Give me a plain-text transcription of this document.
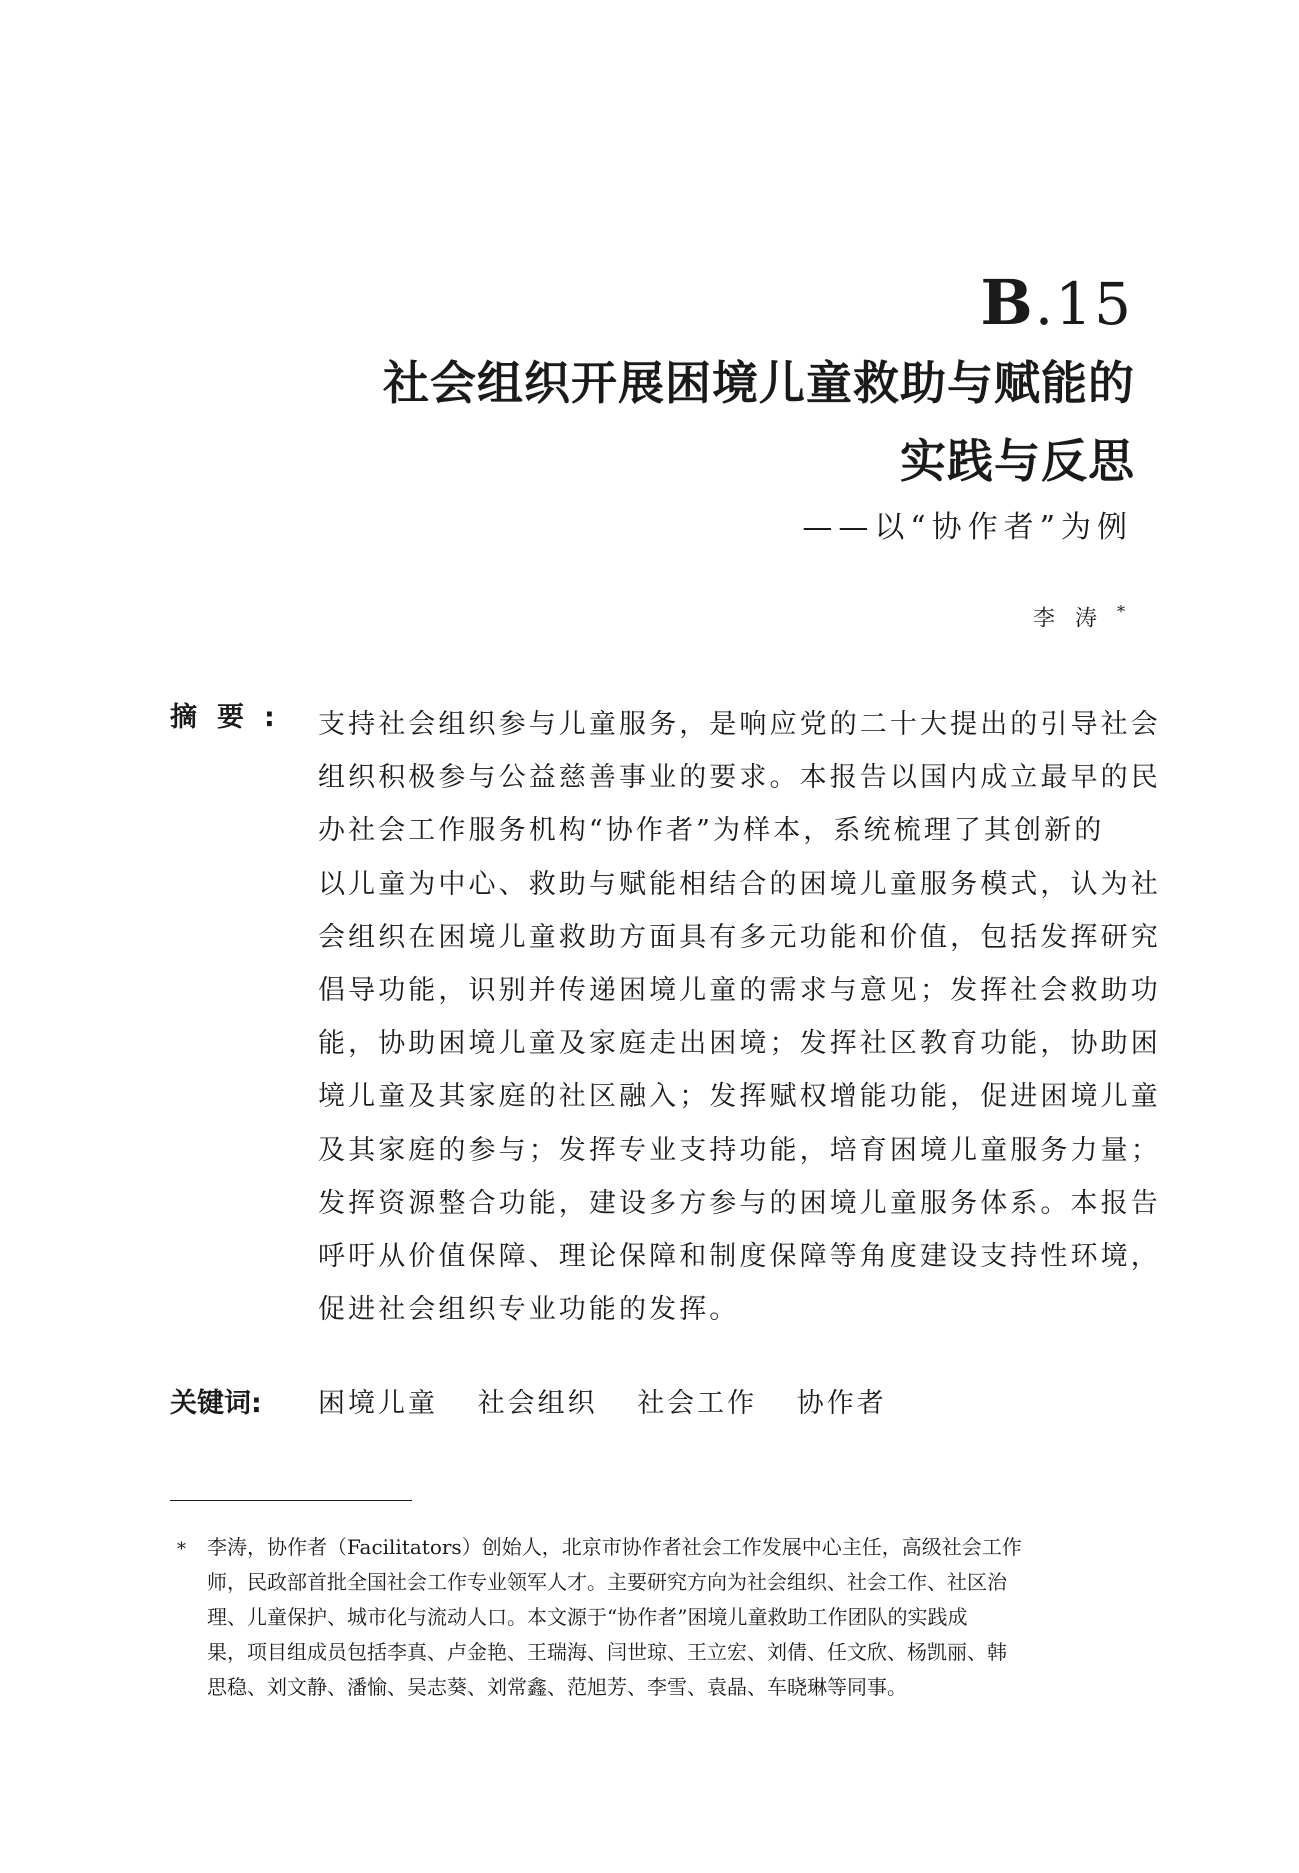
B.15
社会组织开展困境儿童救助与赋能的
实践与反思
——以“协作者”为例
李涛*
摘要: 支持社会组织参与儿童服务，是响应党的二十大提出的引导社会
组织积极参与公益慈善事业的要求。本报告以国内成立最早的民
办社会工作服务机构“协作者”为样本，系统梳理了其创新的
以儿童为中心、救助与赋能相结合的困境儿童服务模式，认为社
会组织在困境儿童救助方面具有多元功能和价值，包括发挥研究
倡导功能，识别并传递困境儿童的需求与意见；发挥社会救助功
能，协助困境儿童及家庭走出困境；发挥社区教育功能，协助困
境儿童及其家庭的社区融入；发挥赋权增能功能，促进困境儿童
及其家庭的参与；发挥专业支持功能，培育困境儿童服务力量；
发挥资源整合功能，建设多方参与的困境儿童服务体系。本报告
呼吁从价值保障、理论保障和制度保障等角度建设支持性环境，
促进社会组织专业功能的发挥。
关键词: 困境儿童 社会组织 社会工作 协作者
* 李涛，协作者（Facilitators）创始人，北京市协作者社会工作发展中心主任，高级社会工作
师，民政部首批全国社会工作专业领军人才。主要研究方向为社会组织、社会工作、社区治
理、儿童保护、城市化与流动人口。本文源于“协作者”困境儿童救助工作团队的实践成
果，项目组成员包括李真、卢金艳、王瑞海、闫世琼、王立宏、刘倩、任文欣、杨凯丽、韩
思稳、刘文静、潘愉、吴志葵、刘常鑫、范旭芳、李雪、袁晶、车晓琳等同事。
